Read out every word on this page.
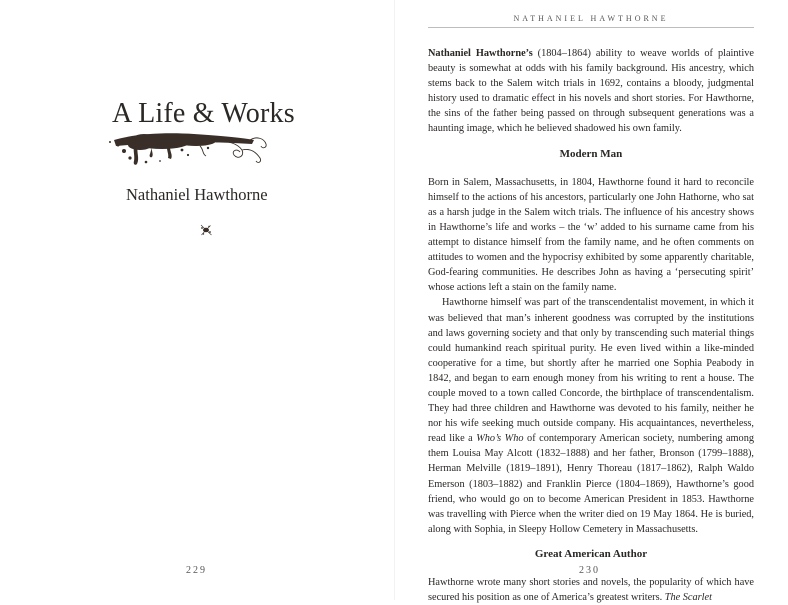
A Life & Works
Nathaniel Hawthorne
229
NATHANIEL HAWTHORNE

Nathaniel Hawthorne’s (1804–1864) ability to weave worlds of plaintive beauty is somewhat at odds with his family background. His ancestry, which stems back to the Salem witch trials in 1692, contains a bloody, judgmental history used to dramatic effect in his novels and short stories. For Hawthorne, the sins of the father being passed on through subsequent generations was a haunting image, which he believed shadowed his own family.

Modern Man

Born in Salem, Massachusetts, in 1804, Hawthorne found it hard to reconcile himself to the actions of his ancestors, particularly one John Hathorne, who sat as a harsh judge in the Salem witch trials. The influence of his ancestry shows in Hawthorne’s life and works – the ‘w’ added to his surname came from his attempt to distance himself from the family name, and he often comments on attitudes to women and the hypocrisy exhibited by some apparently charitable, God-fearing communities. He describes John as having a ‘persecuting spirit’ whose actions left a stain on the family name.

Hawthorne himself was part of the transcendentalist movement, in which it was believed that man’s inherent goodness was corrupted by the institutions and laws governing society and that only by transcending such material things could humankind reach spiritual purity. He even lived within a like-minded cooperative for a time, but shortly after he married one Sophia Peabody in 1842, and began to earn enough money from his writing to rent a house. The couple moved to a town called Concorde, the birthplace of transcendentalism. They had three children and Hawthorne was devoted to his family, neither he nor his wife seeking much outside company. His acquaintances, nevertheless, read like a Who’s Who of contemporary American society, numbering among them Louisa May Alcott (1832–1888) and her father, Bronson (1799–1888), Herman Melville (1819–1891), Henry Thoreau (1817–1862), Ralph Waldo Emerson (1803–1882) and Franklin Pierce (1804–1869), Hawthorne’s good friend, who would go on to become American President in 1853. Hawthorne was travelling with Pierce when the writer died on 19 May 1864. He is buried, along with Sophia, in Sleepy Hollow Cemetery in Massachusetts.

Great American Author

Hawthorne wrote many short stories and novels, the popularity of which have secured his position as one of America’s greatest writers. The Scarlet

230
